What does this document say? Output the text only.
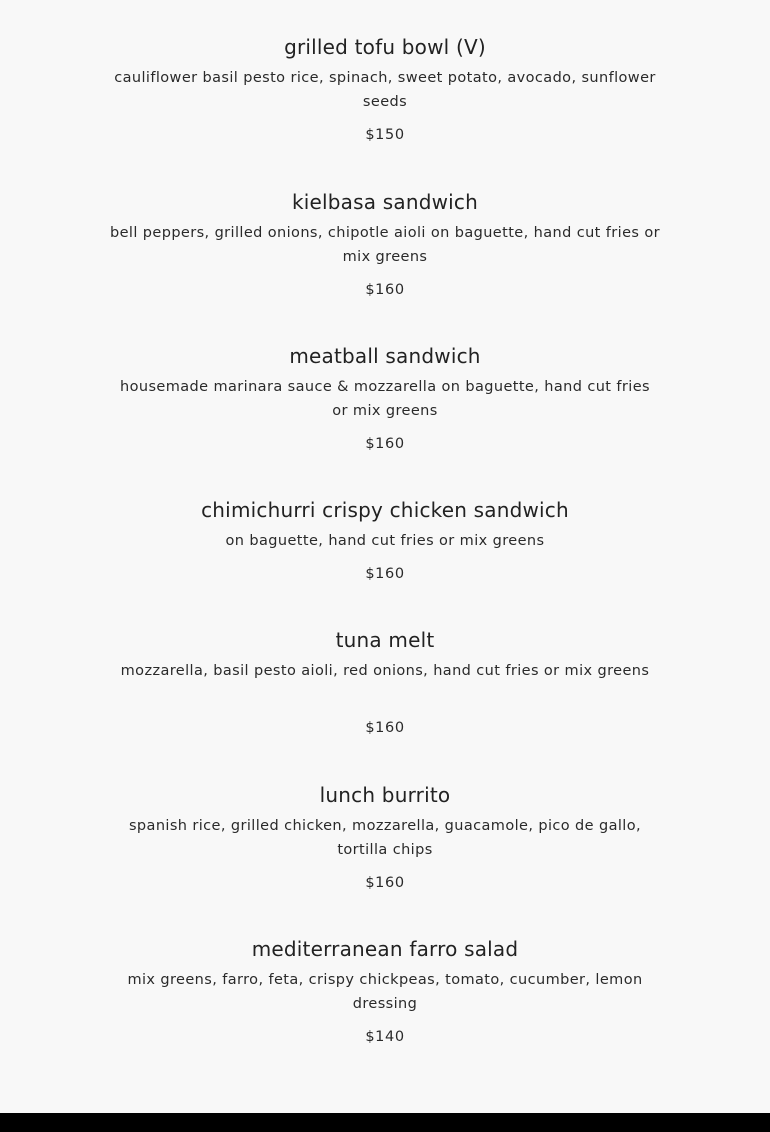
grilled tofu bowl (V)
cauliflower basil pesto rice, spinach, sweet potato, avocado, sunflower seeds
$150
kielbasa sandwich
bell peppers, grilled onions, chipotle aioli on baguette, hand cut fries or mix greens
$160
meatball sandwich
housemade marinara sauce & mozzarella on baguette, hand cut fries or mix greens
$160
chimichurri crispy chicken sandwich
on baguette, hand cut fries or mix greens
$160
tuna melt
mozzarella, basil pesto aioli, red onions, hand cut fries or mix greens
$160
lunch burrito
spanish rice, grilled chicken, mozzarella, guacamole, pico de gallo, tortilla chips
$160
mediterranean farro salad
mix greens, farro, feta, crispy chickpeas, tomato, cucumber, lemon dressing
$140
